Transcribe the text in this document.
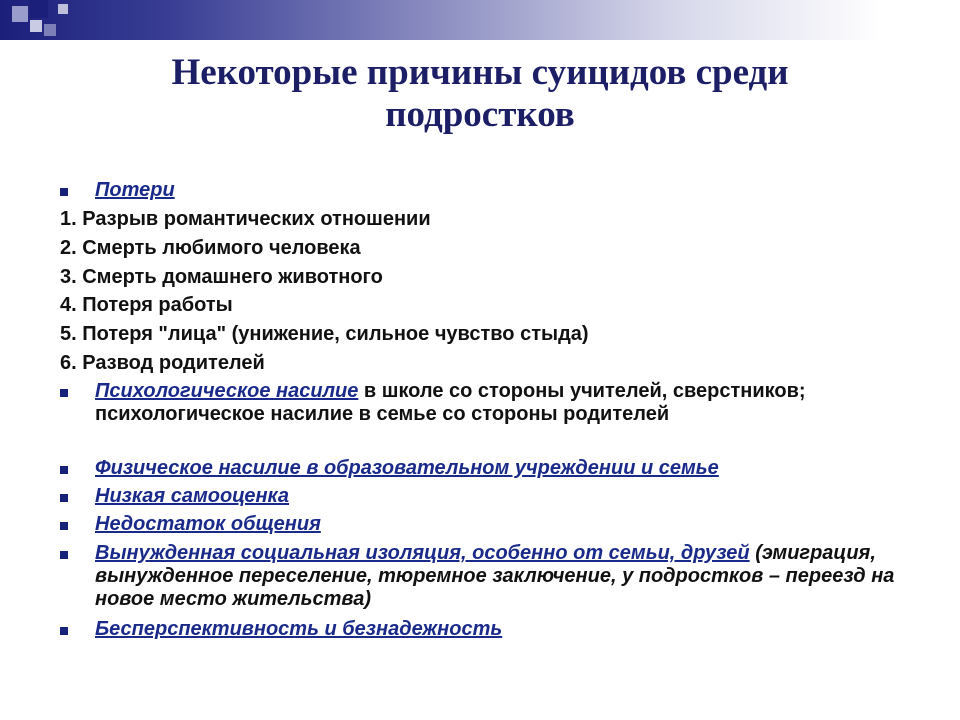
Некоторые причины суицидов среди
подростков
Потери
1. Разрыв романтических отношении
2. Смерть любимого человека
3. Смерть домашнего животного
4. Потеря работы
5. Потеря "лица" (унижение, сильное чувство стыда)
6. Развод родителей
Психологическое насилие в школе со стороны учителей, сверстников; психологическое насилие в семье со стороны родителей
Физическое насилие в образовательном учреждении и семье
Низкая самооценка
Недостаток общения
Вынужденная социальная изоляция, особенно от семьи, друзей (эмиграция, вынужденное переселение, тюремное заключение, у подростков – переезд на новое место жительства)
Бесперспективность и безнадежность
